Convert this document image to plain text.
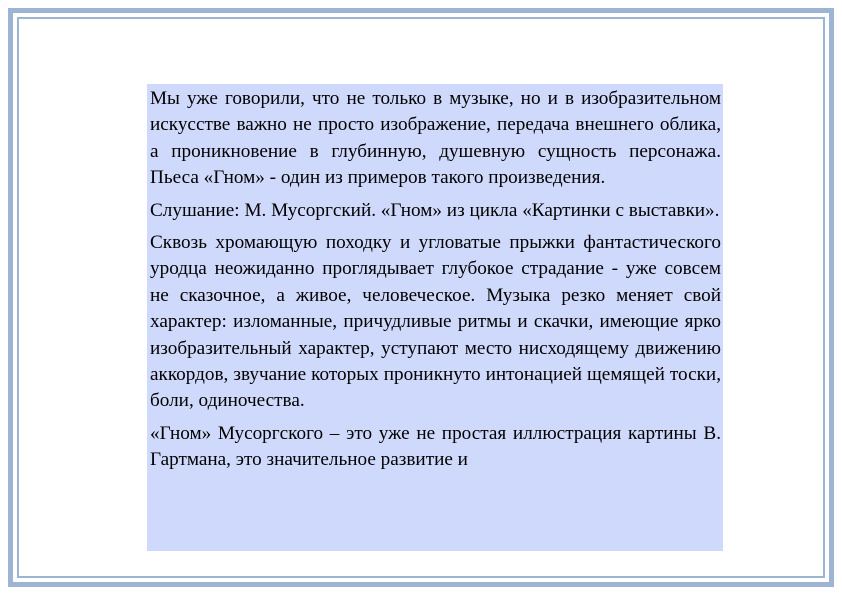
Мы уже говорили, что не только в музыке, но и в изобразительном искусстве важно не просто изображение, передача внешнего облика, а проникновение в глубинную, душевную сущность персонажа. Пьеса «Гном» - один из примеров такого произведения.

Слушание: М. Мусоргский. «Гном» из цикла «Картинки с выставки».

Сквозь хромающую походку и угловатые прыжки фантастического уродца неожиданно проглядывает глубокое страдание - уже совсем не сказочное, а живое, человеческое. Музыка резко меняет свой характер: изломанные, причудливые ритмы и скачки, имеющие ярко изобразительный характер, уступают место нисходящему движению аккордов, звучание которых проникнуто интонацией щемящей тоски, боли, одиночества.

«Гном» Мусоргского – это уже не простая иллюстрация картины В. Гартмана, это значительное развитие и
